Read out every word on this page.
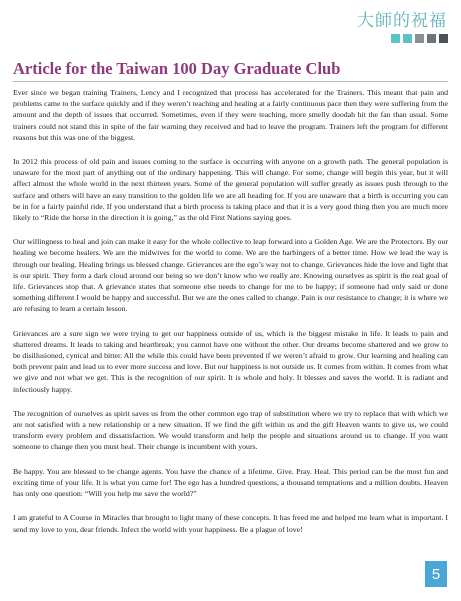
大師的祝福
Article for the Taiwan 100 Day Graduate Club

Ever since we began training Trainers, Lency and I recognized that process has accelerated for the Trainers. This meant that pain and problems came to the surface quickly and if they weren’t teaching and healing at a fairly continuous pace then they were suffering from the amount and the depth of issues that occurred. Sometimes, even if they were teaching, more smelly doodah hit the fan than usual. Some trainers could not stand this in spite of the fair warning they received and had to leave the program. Trainers left the program for different reasons but this was one of the biggest.

In 2012 this process of old pain and issues coming to the surface is occurring with anyone on a growth path. The general population is unaware for the most part of anything out of the ordinary happening. This will change. For some, change will begin this year, but it will affect almost the whole world in the next thirteen years. Some of the general population will suffer greatly as issues push through to the surface and others will have an easy transition to the golden life we are all heading for. If you are unaware that a birth is occurring you can be in for a fairly painful ride. If you understand that a birth process is taking place and that it is a very good thing then you are much more likely to “Ride the horse in the direction it is going,” as the old First Nations saying goes.

Our willingness to heal and join can make it easy for the whole collective to leap forward into a Golden Age. We are the Protectors. By our healing we become healers. We are the midwives for the world to come. We are the harbingers of a better time. How we lead the way is through our healing. Healing brings us blessed change. Grievances are the ego’s way not to change. Grievances hide the love and light that is our spirit. They form a dark cloud around our being so we don’t know who we really are. Knowing ourselves as spirit is the real goal of life. Grievances stop that. A grievance states that someone else needs to change for me to be happy; if someone had only said or done something different I would be happy and successful. But we are the ones called to change. Pain is our resistance to change; it is where we are refusing to learn a certain lesson.

Grievances are a sure sign we were trying to get our happiness outside of us, which is the biggest mistake in life. It leads to pain and shattered dreams. It leads to taking and heartbreak; you cannot have one without the other. Our dreams become shattered and we grow to be disillusioned, cynical and bitter. All the while this could have been prevented if we weren’t afraid to grow. Our learning and healing can both prevent pain and lead us to ever more success and love. But our happiness is not outside us. It comes from within. It comes from what we give and not what we get. This is the recognition of our spirit. It is whole and holy. It blesses and saves the world. It is radiant and infectiously happy.

The recognition of ourselves as spirit saves us from the other common ego trap of substitution where we try to replace that with which we are not satisfied with a new relationship or a new situation. If we find the gift within us and the gift Heaven wants to give us, we could transform every problem and dissatisfaction. We would transform and help the people and situations around us to change. If you want someone to change then you must heal. Their change is incumbent with yours.

Be happy. You are blessed to be change agents. You have the chance of a lifetime. Give. Pray. Heal. This period can be the most fun and exciting time of your life. It is what you came for! The ego has a hundred questions, a thousand temptations and a million doubts. Heaven has only one question: “Will you help me save the world?”

I am grateful to A Course in Miracles that brought to light many of these concepts. It has freed me and helped me learn what is important. I send my love to you, dear friends. Infect the world with your happiness. Be a plague of love!

5
